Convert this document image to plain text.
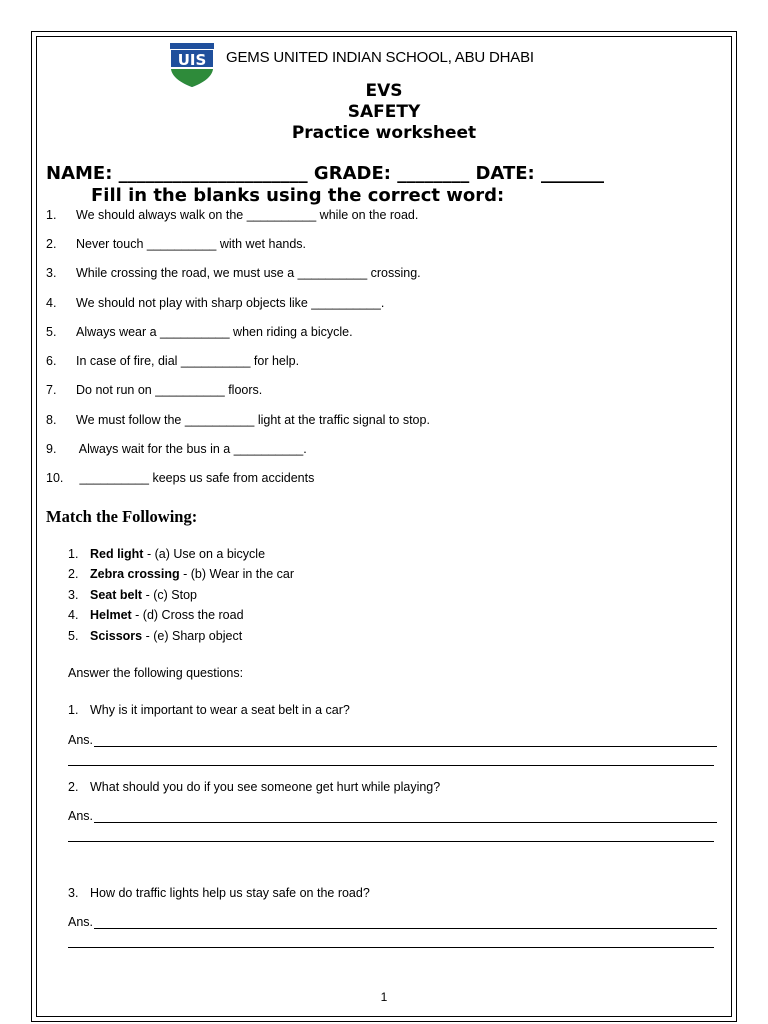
UIS GEMS UNITED INDIAN SCHOOL, ABU DHABI
EVS
SAFETY
Practice worksheet
NAME: _____________________ GRADE: ________ DATE: _______
Fill in the blanks using the correct word:
1. We should always walk on the __________ while on the road.
2. Never touch __________ with wet hands.
3. While crossing the road, we must use a __________ crossing.
4. We should not play with sharp objects like __________.
5. Always wear a __________ when riding a bicycle.
6. In case of fire, dial __________ for help.
7. Do not run on __________ floors.
8. We must follow the __________ light at the traffic signal to stop.
9. Always wait for the bus in a __________.
10. __________ keeps us safe from accidents
Match the Following:
1. Red light - (a) Use on a bicycle
2. Zebra crossing - (b) Wear in the car
3. Seat belt - (c) Stop
4. Helmet - (d) Cross the road
5. Scissors - (e) Sharp object
Answer the following questions:
1. Why is it important to wear a seat belt in a car?
Ans.
2. What should you do if you see someone get hurt while playing?
Ans.
3. How do traffic lights help us stay safe on the road?
Ans.
1
